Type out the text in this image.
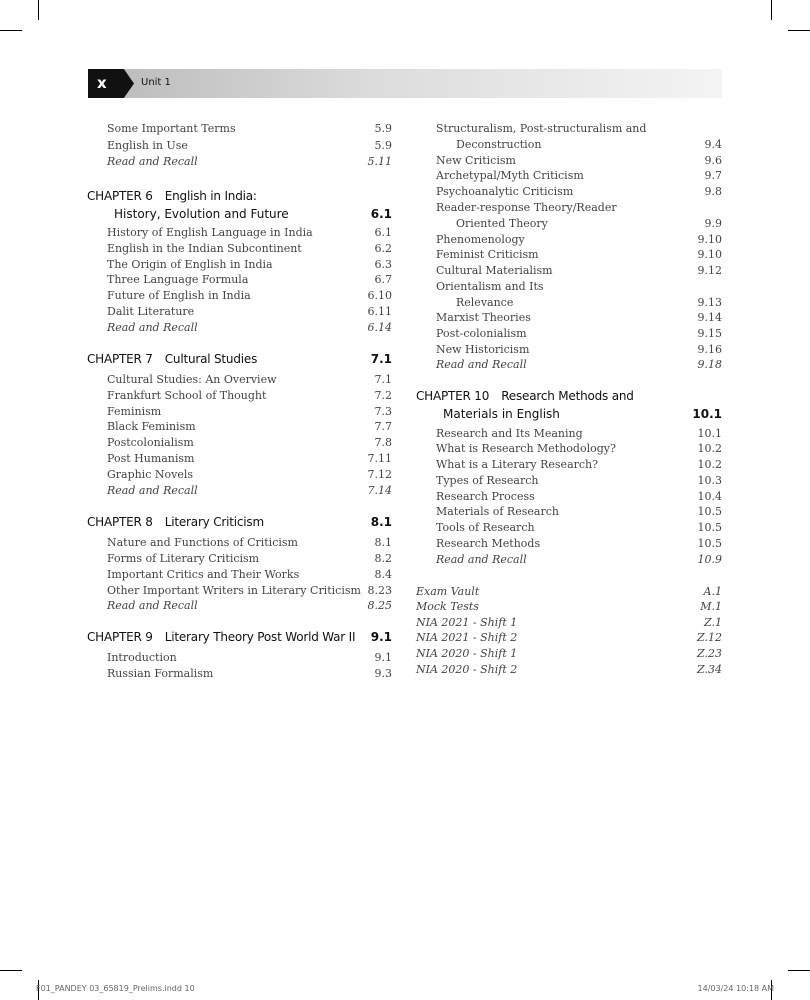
x	Unit 1
Some Important Terms	5.9
English in Use	5.9
Read and Recall	5.11
CHAPTER 6 English in India:
History, Evolution and Future	6.1
History of English Language in India	6.1
English in the Indian Subcontinent	6.2
The Origin of English in India	6.3
Three Language Formula	6.7
Future of English in India	6.10
Dalit Literature	6.11
Read and Recall	6.14
CHAPTER 7 Cultural Studies	7.1
Cultural Studies: An Overview	7.1
Frankfurt School of Thought	7.2
Feminism	7.3
Black Feminism	7.7
Postcolonialism	7.8
Post Humanism	7.11
Graphic Novels	7.12
Read and Recall	7.14
CHAPTER 8 Literary Criticism	8.1
Nature and Functions of Criticism	8.1
Forms of Literary Criticism	8.2
Important Critics and Their Works	8.4
Other Important Writers in Literary Criticism 8.23
Read and Recall	8.25
CHAPTER 9 Literary Theory Post World War II 9.1
Introduction	9.1
Russian Formalism	9.3
Structuralism, Post-structuralism and
Deconstruction	9.4
New Criticism	9.6
Archetypal/Myth Criticism	9.7
Psychoanalytic Criticism	9.8
Reader-response Theory/Reader
Oriented Theory	9.9
Phenomenology	9.10
Feminist Criticism	9.10
Cultural Materialism	9.12
Orientalism and Its
Relevance	9.13
Marxist Theories	9.14
Post-colonialism	9.15
New Historicism	9.16
Read and Recall	9.18
CHAPTER 10 Research Methods and
Materials in English	10.1
Research and Its Meaning	10.1
What is Research Methodology?	10.2
What is a Literary Research?	10.2
Types of Research	10.3
Research Process	10.4
Materials of Research	10.5
Tools of Research	10.5
Research Methods	10.5
Read and Recall	10.9
Exam Vault	A.1
Mock Tests	M.1
NIA 2021 - Shift 1	Z.1
NIA 2021 - Shift 2	Z.12
NIA 2020 - Shift 1	Z.23
NIA 2020 - Shift 2	Z.34
F01_PANDEY 03_65819_Prelims.indd 10	14/03/24 10:18 AM
